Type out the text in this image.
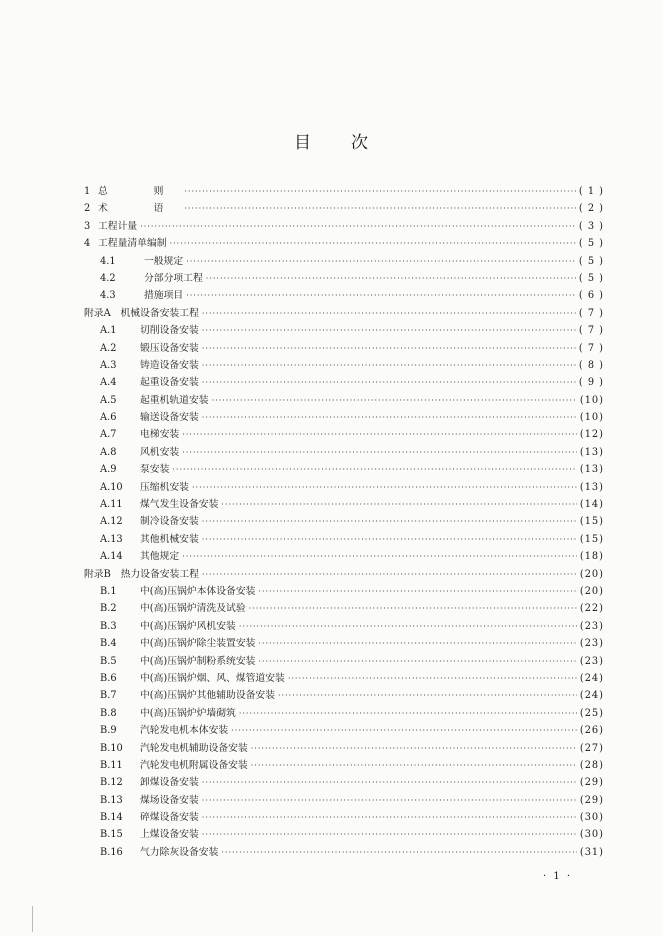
目 次
1 总　则 ·····	( 1 )
2 术　语 ·····	( 2 )
3 工程计量 ·····	( 3 )
4 工程量清单编制 ·····	( 5 )
4.1	一般规定 ·····	( 5 )
4.2	分部分项工程 ·····	( 5 )
4.3	措施项目 ·····	( 6 )
附录A　机械设备安装工程 ·····	( 7 )
A.1	切削设备安装 ·····	( 7 )
A.2	锻压设备安装 ·····	( 7 )
A.3	铸造设备安装 ·····	( 8 )
A.4	起重设备安装 ·····	( 9 )
A.5	起重机轨道安装 ·····	(10)
A.6	输送设备安装 ·····	(10)
A.7	电梯安装 ·····	(12)
A.8	风机安装 ·····	(13)
A.9	泵安装 ·····	(13)
A.10	压缩机安装 ·····	(13)
A.11	煤气发生设备安装 ·····	(14)
A.12	制冷设备安装 ·····	(15)
A.13	其他机械安装 ·····	(15)
A.14	其他规定 ·····	(18)
附录B　热力设备安装工程 ·····	(20)
B.1	中(高)压锅炉本体设备安装 ·····	(20)
B.2	中(高)压锅炉清洗及试验 ·····	(22)
B.3	中(高)压锅炉风机安装 ·····	(23)
B.4	中(高)压锅炉除尘装置安装 ·····	(23)
B.5	中(高)压锅炉制粉系统安装 ·····	(23)
B.6	中(高)压锅炉烟、风、煤管道安装 ·····	(24)
B.7	中(高)压锅炉其他辅助设备安装 ·····	(24)
B.8	中(高)压锅炉炉墙砌筑 ·····	(25)
B.9	汽轮发电机本体安装 ·····	(26)
B.10	汽轮发电机辅助设备安装 ·····	(27)
B.11	汽轮发电机附属设备安装 ·····	(28)
B.12	卸煤设备安装 ·····	(29)
B.13	煤场设备安装 ·····	(29)
B.14	碎煤设备安装 ·····	(30)
B.15	上煤设备安装 ·····	(30)
B.16	气力除灰设备安装 ·····	(31)
· 1 ·
